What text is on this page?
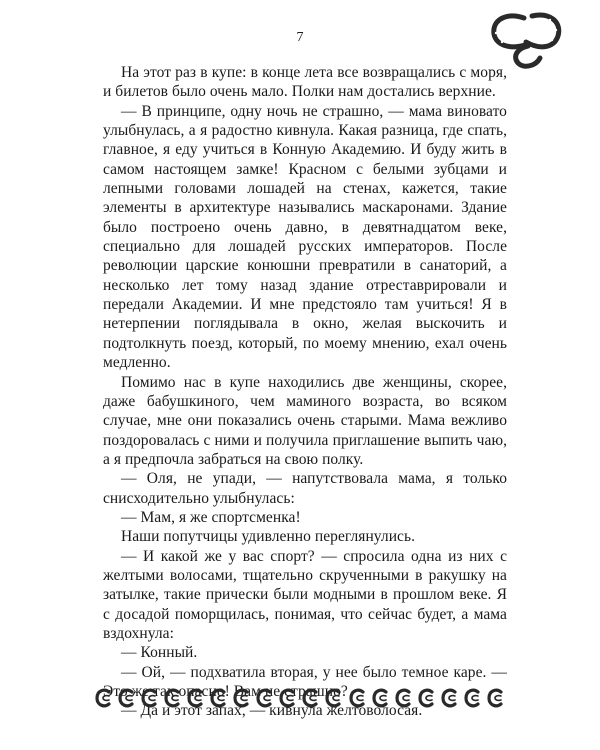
7

На этот раз в купе: в конце лета все возвращались с моря, и билетов было очень мало. Полки нам достались верхние.

— В принципе, одну ночь не страшно, — мама виновато улыбнулась, а я радостно кивнула. Какая разница, где спать, главное, я еду учиться в Конную Академию. И буду жить в самом настоящем замке! Красном с белыми зубцами и лепными головами лошадей на стенах, кажется, такие элементы в архитектуре назывались маскаронами. Здание было построено очень давно, в девятнадцатом веке, специально для лошадей русских императоров. После революции царские конюшни превратили в санаторий, а несколько лет тому назад здание отреставрировали и передали Академии. И мне предстояло там учиться! Я в нетерпении поглядывала в окно, желая выскочить и подтолкнуть поезд, который, по моему мнению, ехал очень медленно.

Помимо нас в купе находились две женщины, скорее, даже бабушкиного, чем маминого возраста, во всяком случае, мне они показались очень старыми. Мама вежливо поздоровалась с ними и получила приглашение выпить чаю, а я предпочла забраться на свою полку.

— Оля, не упади, — напутствовала мама, я только снисходительно улыбнулась:

— Мам, я же спортсменка!

Наши попутчицы удивленно переглянулись.

— И какой же у вас спорт? — спросила одна из них с желтыми волосами, тщательно скрученными в ракушку на затылке, такие прически были модными в прошлом веке. Я с досадой поморщилась, понимая, что сейчас будет, а мама вздохнула:

— Конный.

— Ой, — подхватила вторая, у нее было темное каре. — Это же так опасно! Вам не страшно?

— Да и этот запах, — кивнула желтоволосая.
